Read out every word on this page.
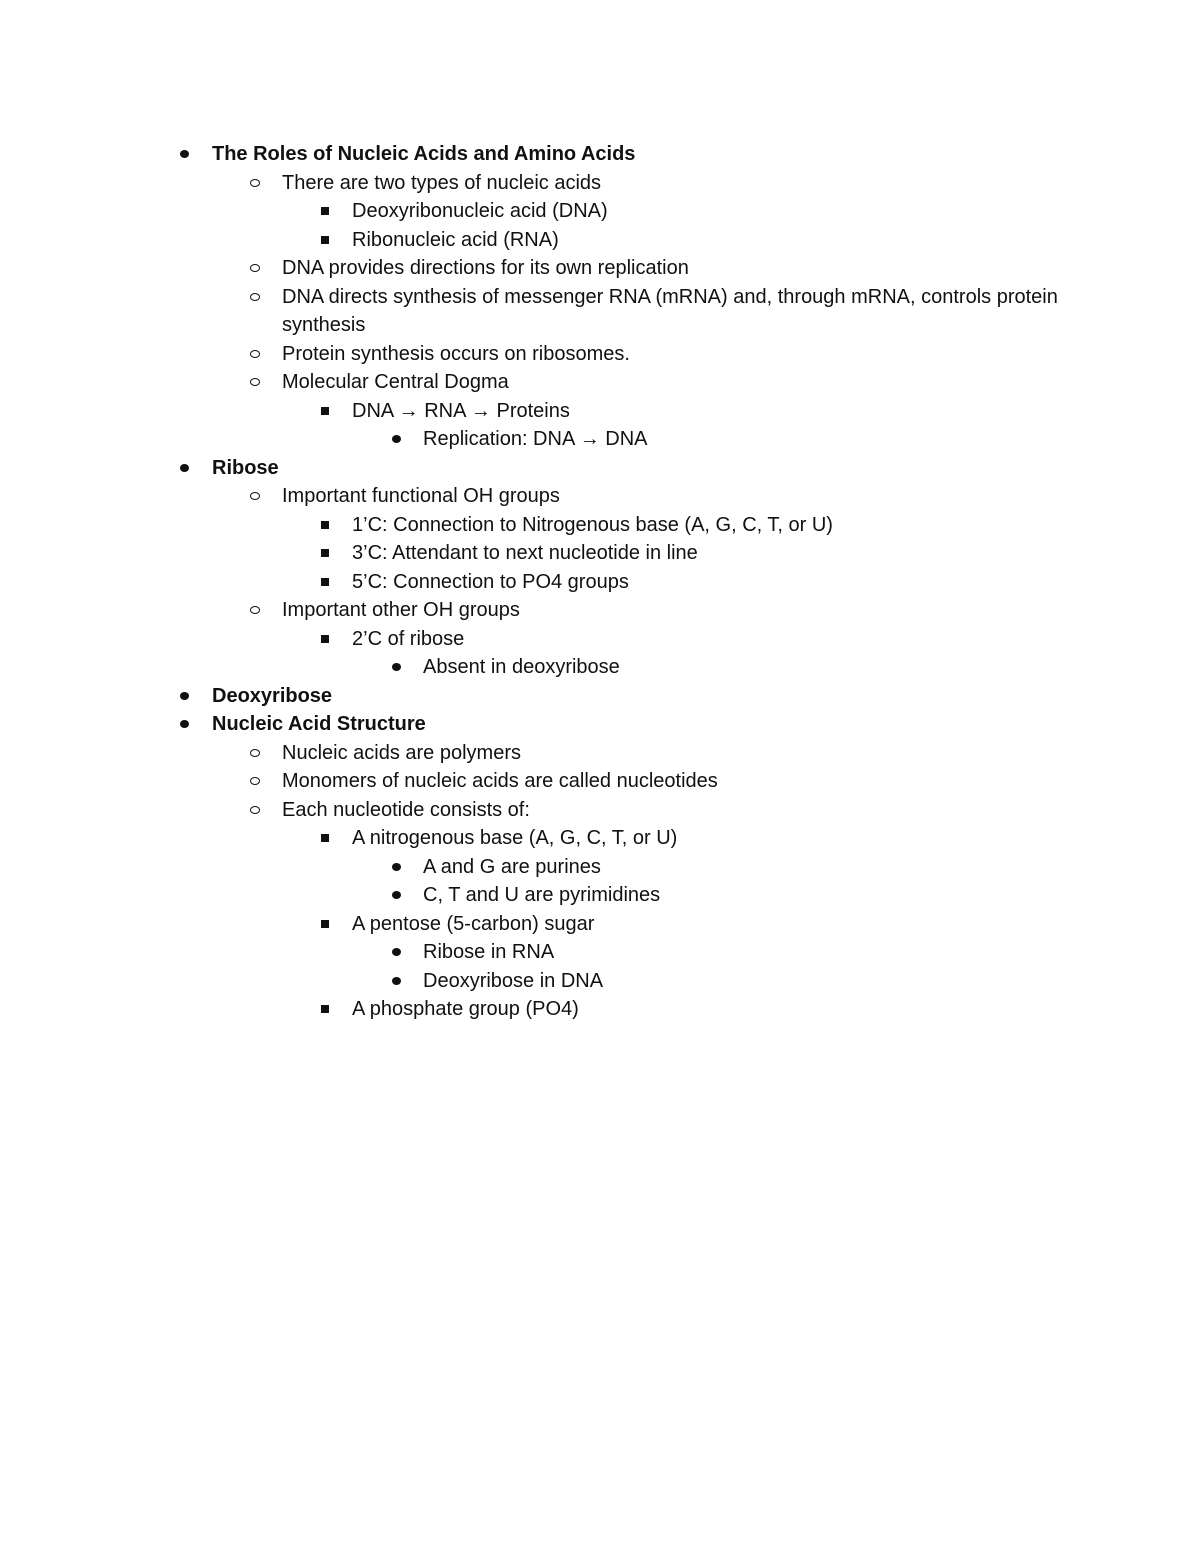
The Roles of Nucleic Acids and Amino Acids
There are two types of nucleic acids
Deoxyribonucleic acid (DNA)
Ribonucleic acid (RNA)
DNA provides directions for its own replication
DNA directs synthesis of messenger RNA (mRNA) and, through mRNA, controls protein synthesis
Protein synthesis occurs on ribosomes.
Molecular Central Dogma
DNA → RNA → Proteins
Replication: DNA → DNA
Ribose
Important functional OH groups
1’C: Connection to Nitrogenous base (A, G, C, T, or U)
3’C: Attendant to next nucleotide in line
5’C: Connection to PO4 groups
Important other OH groups
2’C of ribose
Absent in deoxyribose
Deoxyribose
Nucleic Acid Structure
Nucleic acids are polymers
Monomers of nucleic acids are called nucleotides
Each nucleotide consists of:
A nitrogenous base (A, G, C, T, or U)
A and G are purines
C, T and U are pyrimidines
A pentose (5-carbon) sugar
Ribose in RNA
Deoxyribose in DNA
A phosphate group (PO4)
